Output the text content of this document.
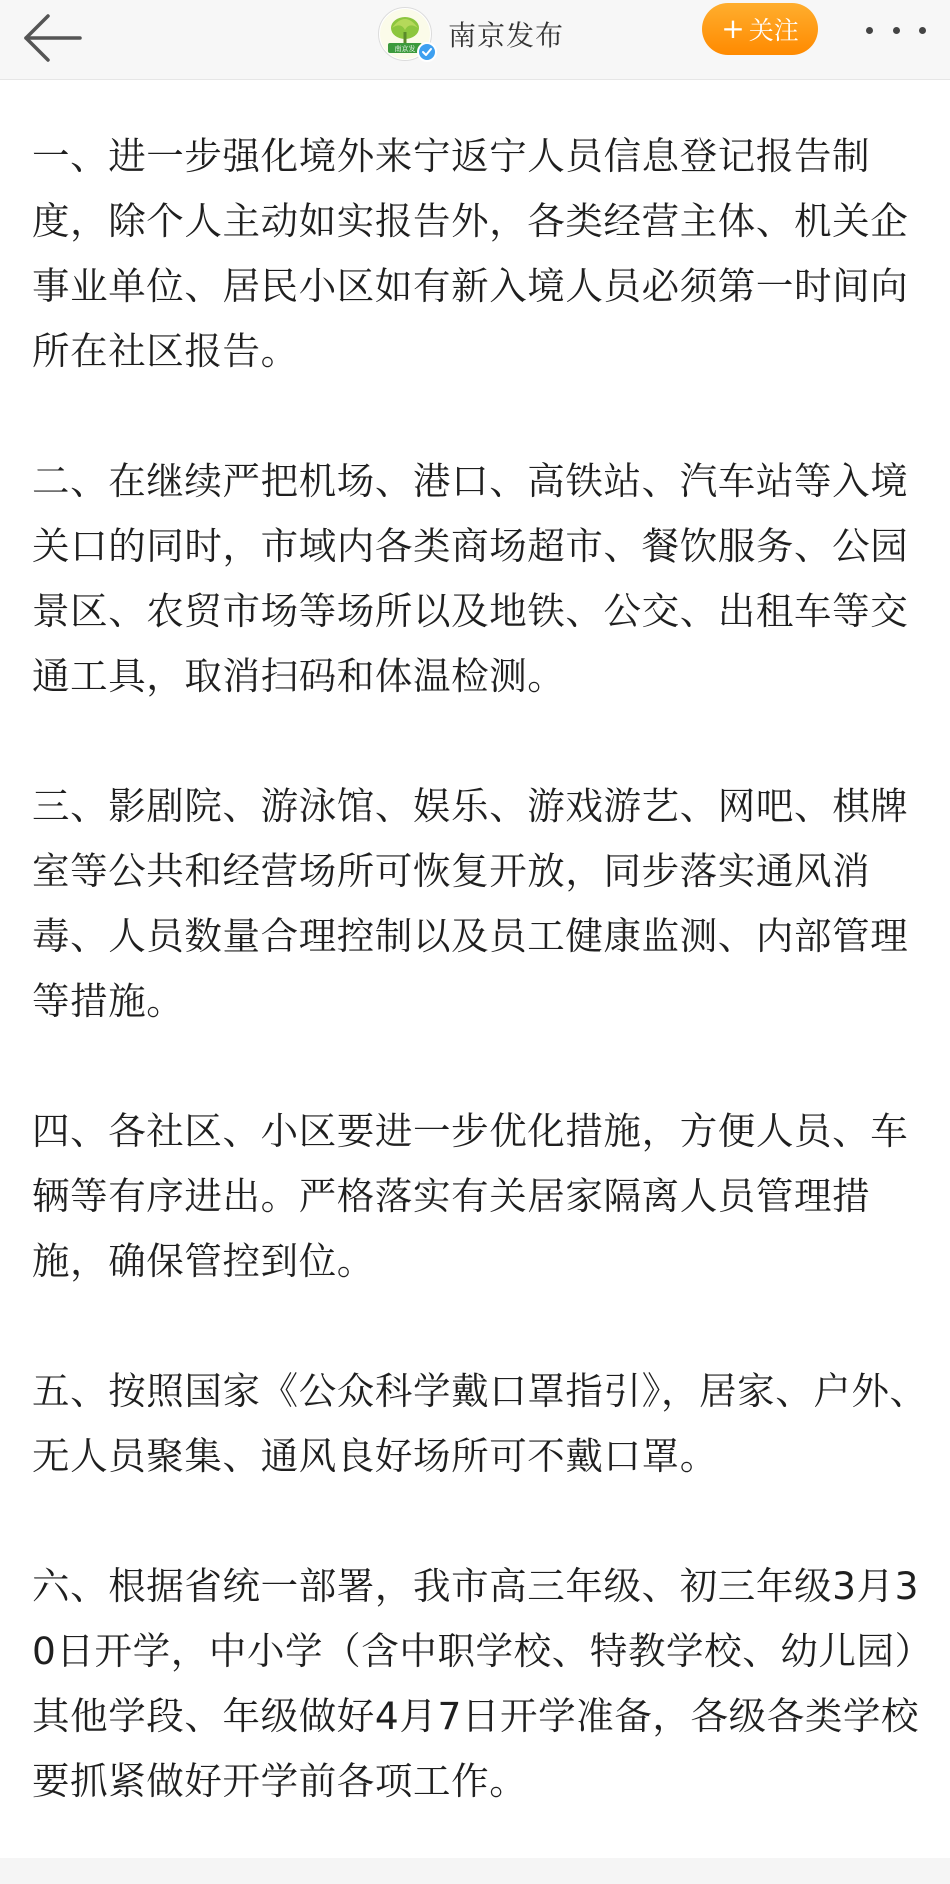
南京发 南京发布	+ 关注

一、进一步强化境外来宁返宁人员信息登记报告制度，除个人主动如实报告外，各类经营主体、机关企事业单位、居民小区如有新入境人员必须第一时间向所在社区报告。

二、在继续严把机场、港口、高铁站、汽车站等入境关口的同时，市域内各类商场超市、餐饮服务、公园景区、农贸市场等场所以及地铁、公交、出租车等交通工具，取消扫码和体温检测。

三、影剧院、游泳馆、娱乐、游戏游艺、网吧、棋牌室等公共和经营场所可恢复开放，同步落实通风消毒、人员数量合理控制以及员工健康监测、内部管理等措施。

四、各社区、小区要进一步优化措施，方便人员、车辆等有序进出。严格落实有关居家隔离人员管理措施，确保管控到位。

五、按照国家《公众科学戴口罩指引》，居家、户外、无人员聚集、通风良好场所可不戴口罩。

六、根据省统一部署，我市高三年级、初三年级3月30日开学，中小学（含中职学校、特教学校、幼儿园）其他学段、年级做好4月7日开学准备，各级各类学校要抓紧做好开学前各项工作。
